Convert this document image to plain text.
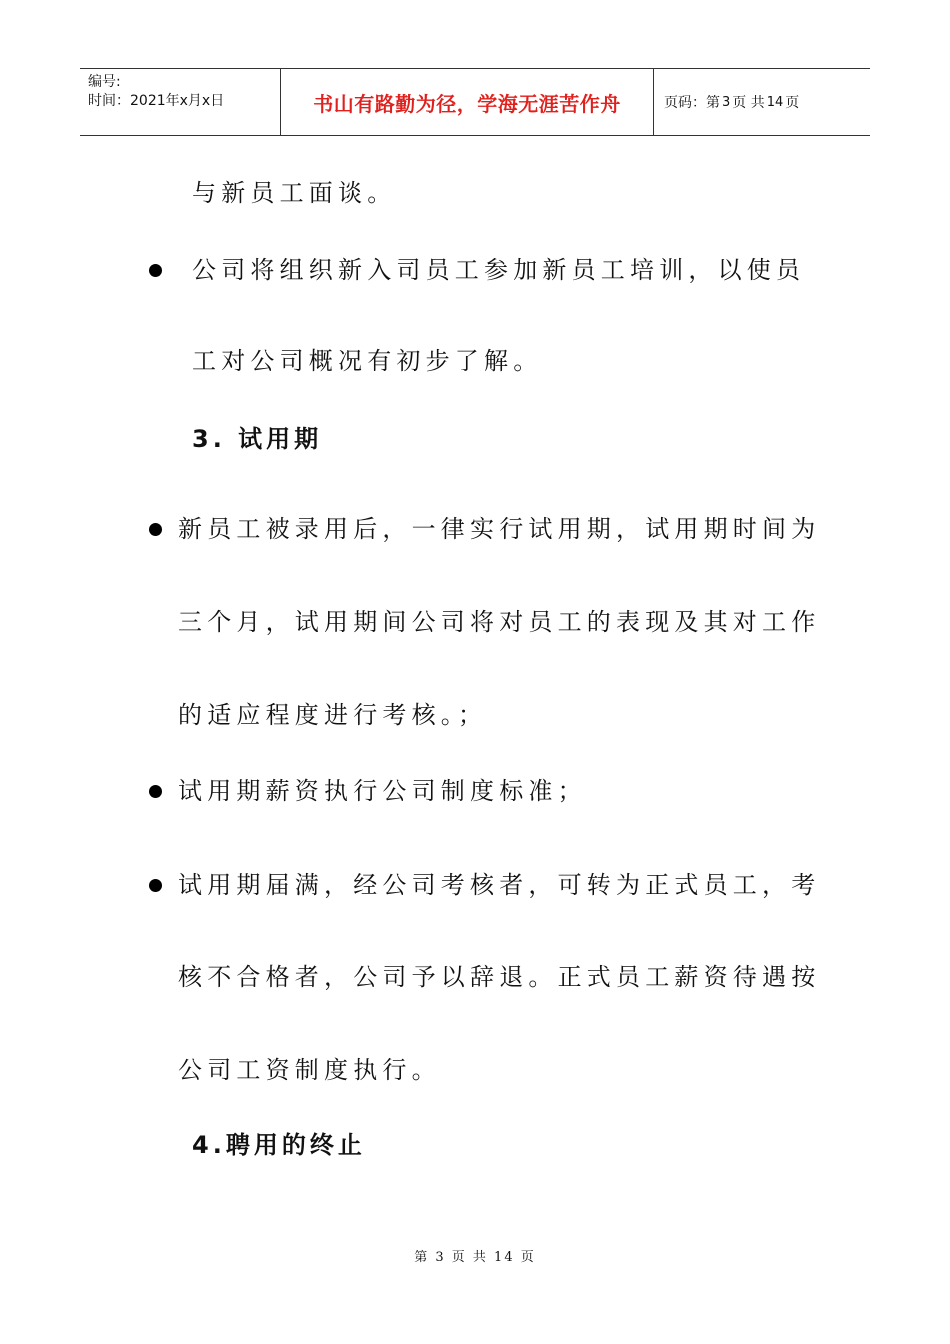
编号:
时间：2021年x月x日	书山有路勤为径，学海无涯苦作舟	页码：第 3 页 共 14 页
与新员工面谈。
公司将组织新入司员工参加新员工培训，以使员
工对公司概况有初步了解。
3. 试用期
新员工被录用后，一律实行试用期，试用期时间为
三个月，试用期间公司将对员工的表现及其对工作
的适应程度进行考核。；
试用期薪资执行公司制度标准；
试用期届满，经公司考核者，可转为正式员工，考
核不合格者，公司予以辞退。正式员工薪资待遇按
公司工资制度执行。
4.聘用的终止
第 3 页 共 14 页
